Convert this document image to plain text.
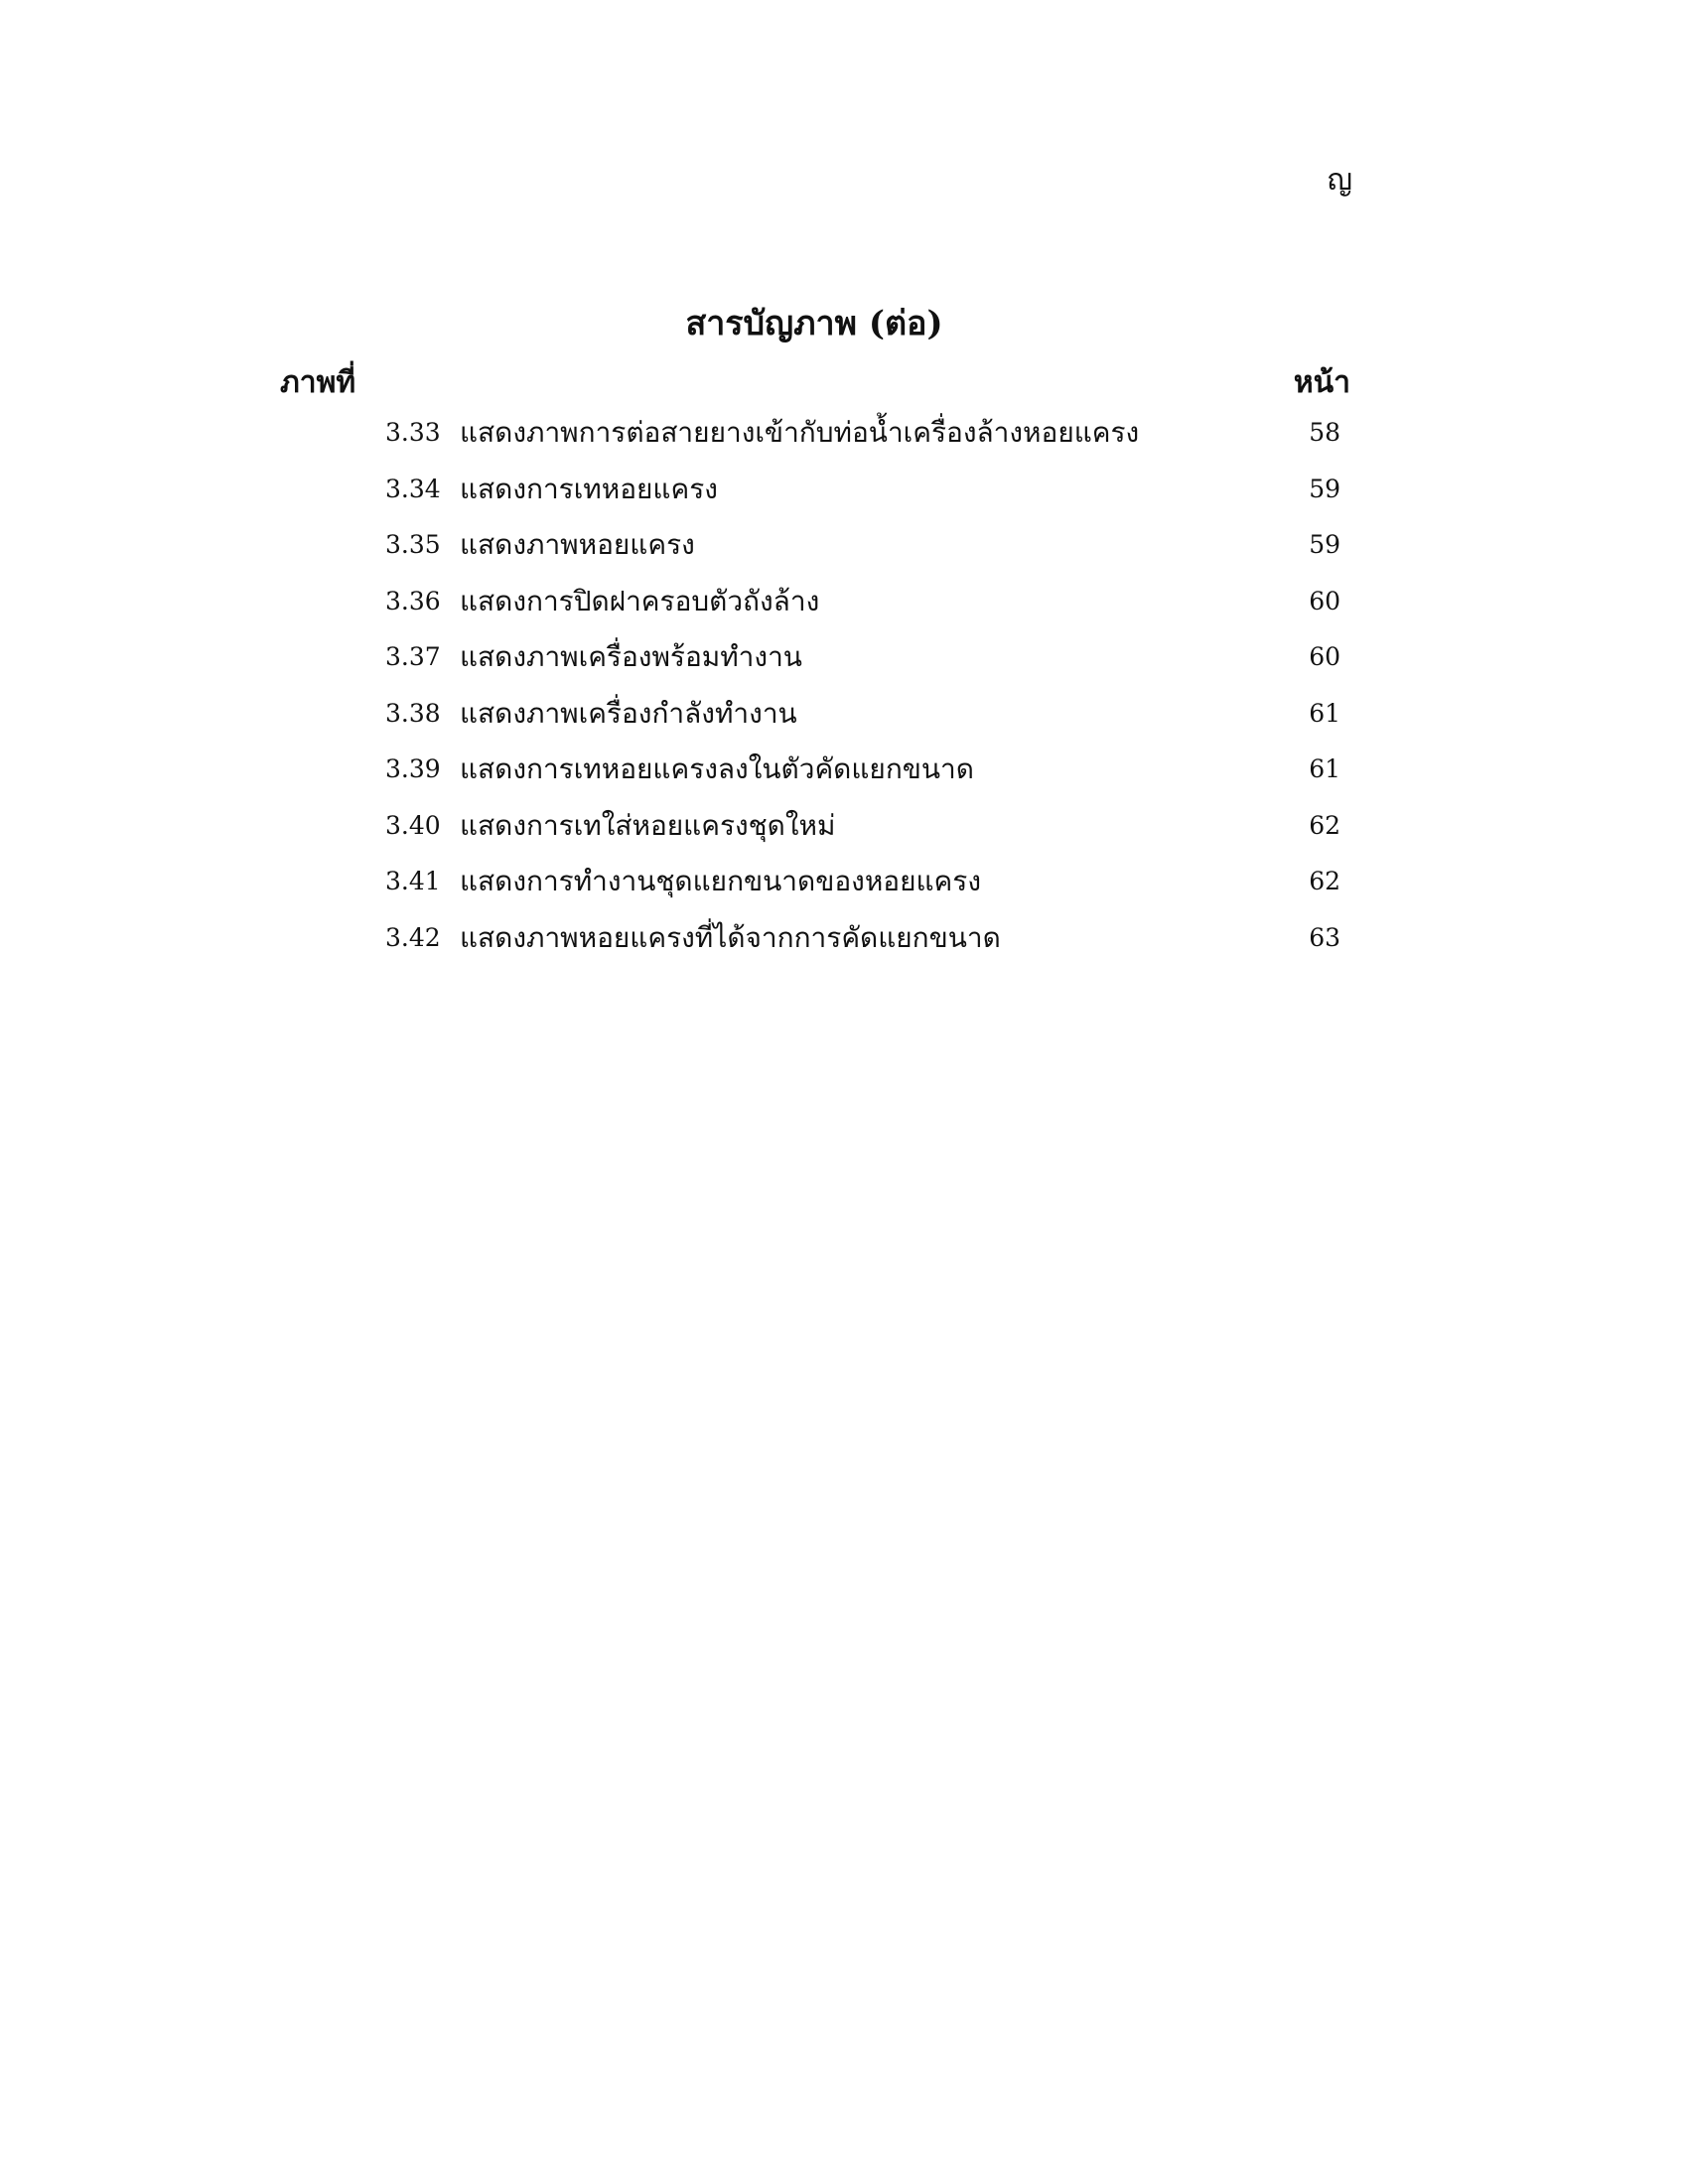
ญ
สารบัญภาพ (ต่อ)
ภาพที่	หน้า
3.33 แสดงภาพการต่อสายยางเข้ากับท่อน้ำเครื่องล้างหอยแครง	58
3.34 แสดงการเทหอยแครง	59
3.35 แสดงภาพหอยแครง	59
3.36 แสดงการปิดฝาครอบตัวถังล้าง	60
3.37 แสดงภาพเครื่องพร้อมทำงาน	60
3.38 แสดงภาพเครื่องกำลังทำงาน	61
3.39 แสดงการเทหอยแครงลงในตัวคัดแยกขนาด	61
3.40 แสดงการเทใส่หอยแครงชุดใหม่	62
3.41 แสดงการทำงานชุดแยกขนาดของหอยแครง	62
3.42 แสดงภาพหอยแครงที่ได้จากการคัดแยกขนาด	63
